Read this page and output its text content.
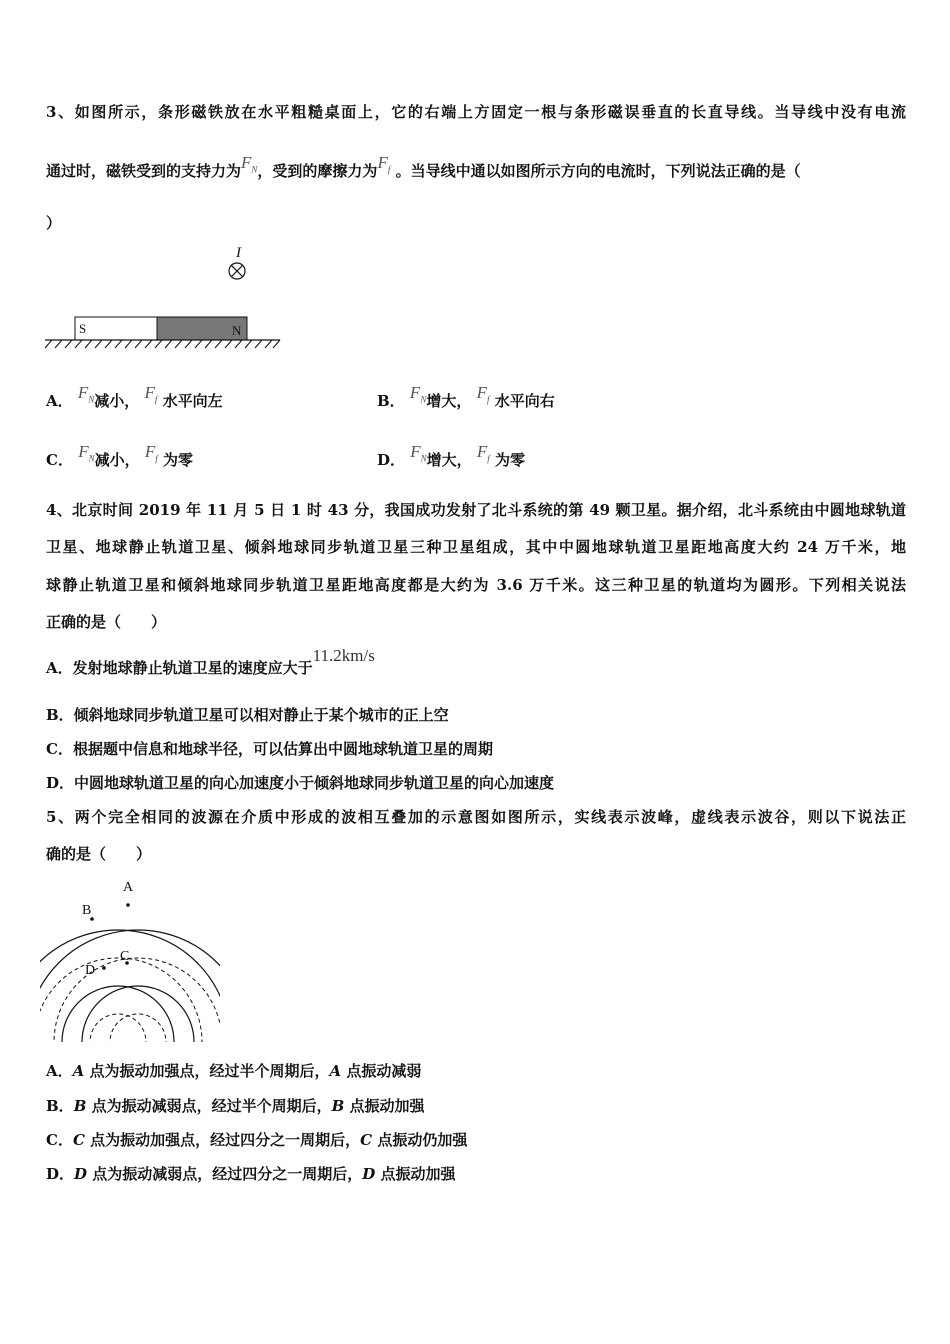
3、如图所示，条形磁铁放在水平粗糙桌面上，它的右端上方固定一根与条形磁误垂直的长直导线。当导线中没有电流
通过时，磁铁受到的支持力为$F_N$，受到的摩擦力为$F_f$ 。当导线中通以如图所示方向的电流时，下列说法正确的是（
）
I
S	N
A． $F_N$减小， $F_f$ 水平向左	B． $F_N$增大， $F_f$ 水平向右
C． $F_N$减小， $F_f$ 为零	D． $F_N$增大， $F_f$ 为零
4、北京时间 2019 年 11 月 5 日 1 时 43 分，我国成功发射了北斗系统的第 49 颗卫星。据介绍，北斗系统由中圆地球轨道
卫星、地球静止轨道卫星、倾斜地球同步轨道卫星三种卫星组成，其中中圆地球轨道卫星距地高度大约 24 万千米，地
球静止轨道卫星和倾斜地球同步轨道卫星距地高度都是大约为 3.6 万千米。这三种卫星的轨道均为圆形。下列相关说法
正确的是（　　）
A．发射地球静止轨道卫星的速度应大于11.2km/s
B．倾斜地球同步轨道卫星可以相对静止于某个城市的正上空
C．根据题中信息和地球半径，可以估算出中圆地球轨道卫星的周期
D．中圆地球轨道卫星的向心加速度小于倾斜地球同步轨道卫星的向心加速度
5、两个完全相同的波源在介质中形成的波相互叠加的示意图如图所示，实线表示波峰，虚线表示波谷，则以下说法正
确的是（　　）
A
B
C
D
A．A 点为振动加强点，经过半个周期后，A 点振动减弱
B．B 点为振动减弱点，经过半个周期后，B 点振动加强
C．C 点为振动加强点，经过四分之一周期后，C 点振动仍加强
D．D 点为振动减弱点，经过四分之一周期后，D 点振动加强
